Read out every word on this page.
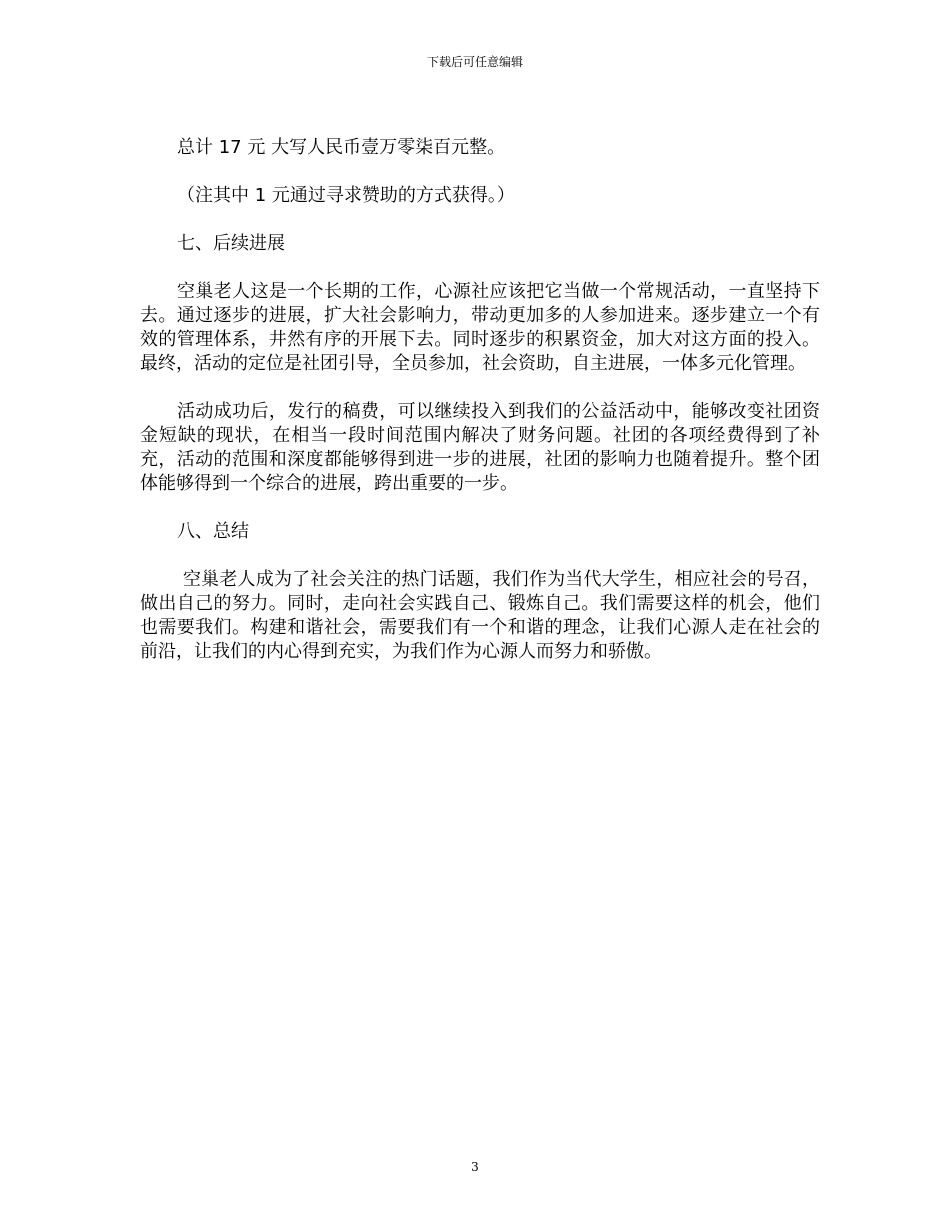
下载后可任意编辑

总计 17 元 大写人民币壹万零柒百元整。

（注其中 1 元通过寻求赞助的方式获得。）

七、后续进展

空巢老人这是一个长期的工作，心源社应该把它当做一个常规活动，一直坚持下去。通过逐步的进展，扩大社会影响力，带动更加多的人参加进来。逐步建立一个有效的管理体系，井然有序的开展下去。同时逐步的积累资金，加大对这方面的投入。最终，活动的定位是社团引导，全员参加，社会资助，自主进展，一体多元化管理。

活动成功后，发行的稿费，可以继续投入到我们的公益活动中，能够改变社团资金短缺的现状，在相当一段时间范围内解决了财务问题。社团的各项经费得到了补充，活动的范围和深度都能够得到进一步的进展，社团的影响力也随着提升。整个团体能够得到一个综合的进展，跨出重要的一步。

八、总结

空巢老人成为了社会关注的热门话题，我们作为当代大学生，相应社会的号召，做出自己的努力。同时，走向社会实践自己、锻炼自己。我们需要这样的机会，他们也需要我们。构建和谐社会，需要我们有一个和谐的理念，让我们心源人走在社会的前沿，让我们的内心得到充实，为我们作为心源人而努力和骄傲。

3
